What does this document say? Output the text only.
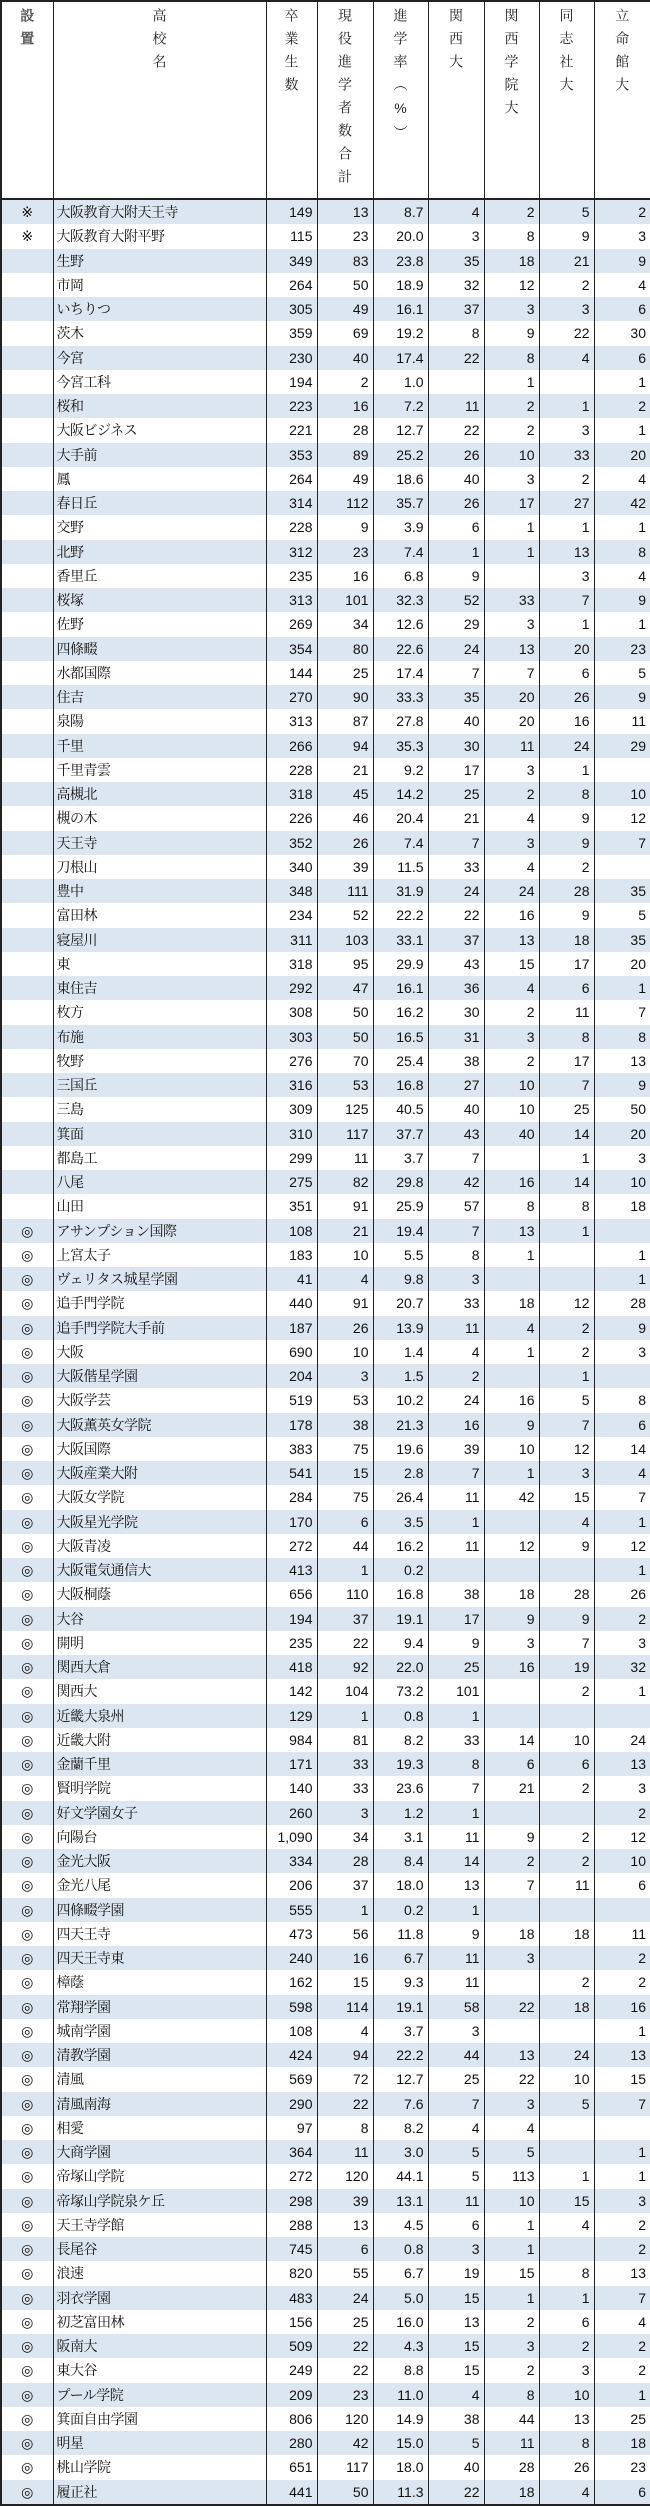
設置	高校名	卒業生数	現役進学者数合計	進学率（%）	関西大	関西学院大	同志社大	立命館大

※	大阪教育大附天王寺	149	13	8.7	4	2	5	2
※	大阪教育大附平野	115	23	20.0	3	8	9	3
	生野	349	83	23.8	35	18	21	9
	市岡	264	50	18.9	32	12	2	4
	いちりつ	305	49	16.1	37	3	3	6
	茨木	359	69	19.2	8	9	22	30
	今宮	230	40	17.4	22	8	4	6
	今宮工科	194	2	1.0		1		1
	桜和	223	16	7.2	11	2	1	2
	大阪ビジネス	221	28	12.7	22	2	3	1
	大手前	353	89	25.2	26	10	33	20
	鳳	264	49	18.6	40	3	2	4
	春日丘	314	112	35.7	26	17	27	42
	交野	228	9	3.9	6	1	1	1
	北野	312	23	7.4	1	1	13	8
	香里丘	235	16	6.8	9		3	4
	桜塚	313	101	32.3	52	33	7	9
	佐野	269	34	12.6	29	3	1	1
	四條畷	354	80	22.6	24	13	20	23
	水都国際	144	25	17.4	7	7	6	5
	住吉	270	90	33.3	35	20	26	9
	泉陽	313	87	27.8	40	20	16	11
	千里	266	94	35.3	30	11	24	29
	千里青雲	228	21	9.2	17	3	1	
	高槻北	318	45	14.2	25	2	8	10
	槻の木	226	46	20.4	21	4	9	12
	天王寺	352	26	7.4	7	3	9	7
	刀根山	340	39	11.5	33	4	2	
	豊中	348	111	31.9	24	24	28	35
	富田林	234	52	22.2	22	16	9	5
	寝屋川	311	103	33.1	37	13	18	35
	東	318	95	29.9	43	15	17	20
	東住吉	292	47	16.1	36	4	6	1
	枚方	308	50	16.2	30	2	11	7
	布施	303	50	16.5	31	3	8	8
	牧野	276	70	25.4	38	2	17	13
	三国丘	316	53	16.8	27	10	7	9
	三島	309	125	40.5	40	10	25	50
	箕面	310	117	37.7	43	40	14	20
	都島工	299	11	3.7	7		1	3
	八尾	275	82	29.8	42	16	14	10
	山田	351	91	25.9	57	8	8	18
◎	アサンプション国際	108	21	19.4	7	13	1	
◎	上宮太子	183	10	5.5	8	1		1
◎	ヴェリタス城星学園	41	4	9.8	3			1
◎	追手門学院	440	91	20.7	33	18	12	28
◎	追手門学院大手前	187	26	13.9	11	4	2	9
◎	大阪	690	10	1.4	4	1	2	3
◎	大阪偕星学園	204	3	1.5	2		1	
◎	大阪学芸	519	53	10.2	24	16	5	8
◎	大阪薫英女学院	178	38	21.3	16	9	7	6
◎	大阪国際	383	75	19.6	39	10	12	14
◎	大阪産業大附	541	15	2.8	7	1	3	4
◎	大阪女学院	284	75	26.4	11	42	15	7
◎	大阪星光学院	170	6	3.5	1		4	1
◎	大阪青凌	272	44	16.2	11	12	9	12
◎	大阪電気通信大	413	1	0.2				1
◎	大阪桐蔭	656	110	16.8	38	18	28	26
◎	大谷	194	37	19.1	17	9	9	2
◎	開明	235	22	9.4	9	3	7	3
◎	関西大倉	418	92	22.0	25	16	19	32
◎	関西大	142	104	73.2	101		2	1
◎	近畿大泉州	129	1	0.8	1			
◎	近畿大附	984	81	8.2	33	14	10	24
◎	金蘭千里	171	33	19.3	8	6	6	13
◎	賢明学院	140	33	23.6	7	21	2	3
◎	好文学園女子	260	3	1.2	1			2
◎	向陽台	1,090	34	3.1	11	9	2	12
◎	金光大阪	334	28	8.4	14	2	2	10
◎	金光八尾	206	37	18.0	13	7	11	6
◎	四條畷学園	555	1	0.2	1			
◎	四天王寺	473	56	11.8	9	18	18	11
◎	四天王寺東	240	16	6.7	11	3		2
◎	樟蔭	162	15	9.3	11		2	2
◎	常翔学園	598	114	19.1	58	22	18	16
◎	城南学園	108	4	3.7	3			1
◎	清教学園	424	94	22.2	44	13	24	13
◎	清風	569	72	12.7	25	22	10	15
◎	清風南海	290	22	7.6	7	3	5	7
◎	相愛	97	8	8.2	4	4		
◎	大商学園	364	11	3.0	5	5		1
◎	帝塚山学院	272	120	44.1	5	113	1	1
◎	帝塚山学院泉ケ丘	298	39	13.1	11	10	15	3
◎	天王寺学館	288	13	4.5	6	1	4	2
◎	長尾谷	745	6	0.8	3	1		2
◎	浪速	820	55	6.7	19	15	8	13
◎	羽衣学園	483	24	5.0	15	1	1	7
◎	初芝富田林	156	25	16.0	13	2	6	4
◎	阪南大	509	22	4.3	15	3	2	2
◎	東大谷	249	22	8.8	15	2	3	2
◎	プール学院	209	23	11.0	4	8	10	1
◎	箕面自由学園	806	120	14.9	38	44	13	25
◎	明星	280	42	15.0	5	11	8	18
◎	桃山学院	651	117	18.0	40	28	26	23
◎	履正社	441	50	11.3	22	18	4	6
